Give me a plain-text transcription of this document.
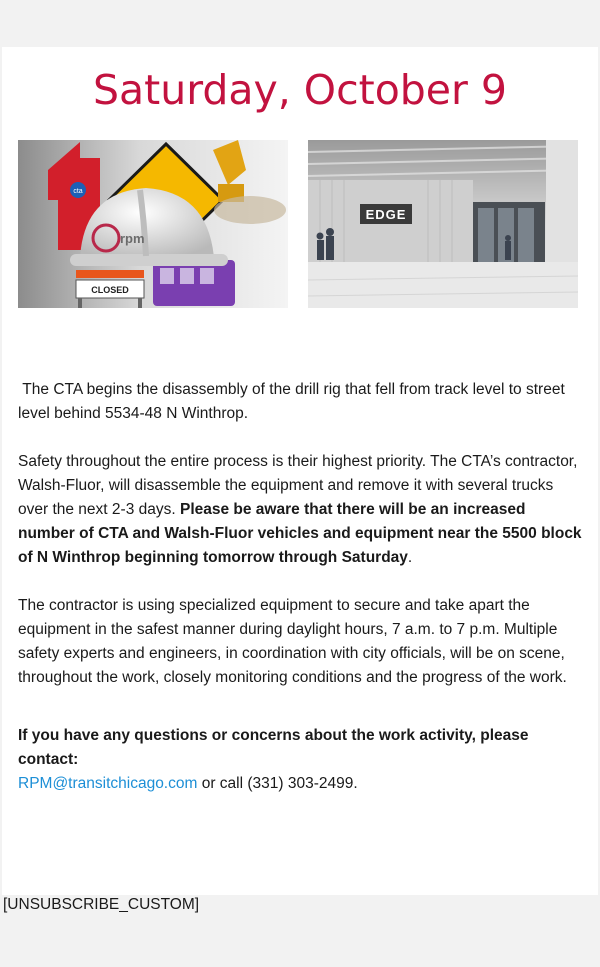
Saturday, October 9
cta
rpm
CLOSED
EDGE

The CTA begins the disassembly of the drill rig that fell from track level to street level behind 5534-48 N Winthrop.

Safety throughout the entire process is their highest priority. The CTA’s contractor, Walsh-Fluor, will disassemble the equipment and remove it with several trucks over the next 2-3 days. Please be aware that there will be an increased number of CTA and Walsh-Fluor vehicles and equipment near the 5500 block of N Winthrop beginning tomorrow through Saturday.

The contractor is using specialized equipment to secure and take apart the equipment in the safest manner during daylight hours, 7 a.m. to 7 p.m. Multiple safety experts and engineers, in coordination with city officials, will be on scene, throughout the work, closely monitoring conditions and the progress of the work.

If you have any questions or concerns about the work activity, please contact:
RPM@transitchicago.com or call (331) 303-2499.
[UNSUBSCRIBE_CUSTOM]
